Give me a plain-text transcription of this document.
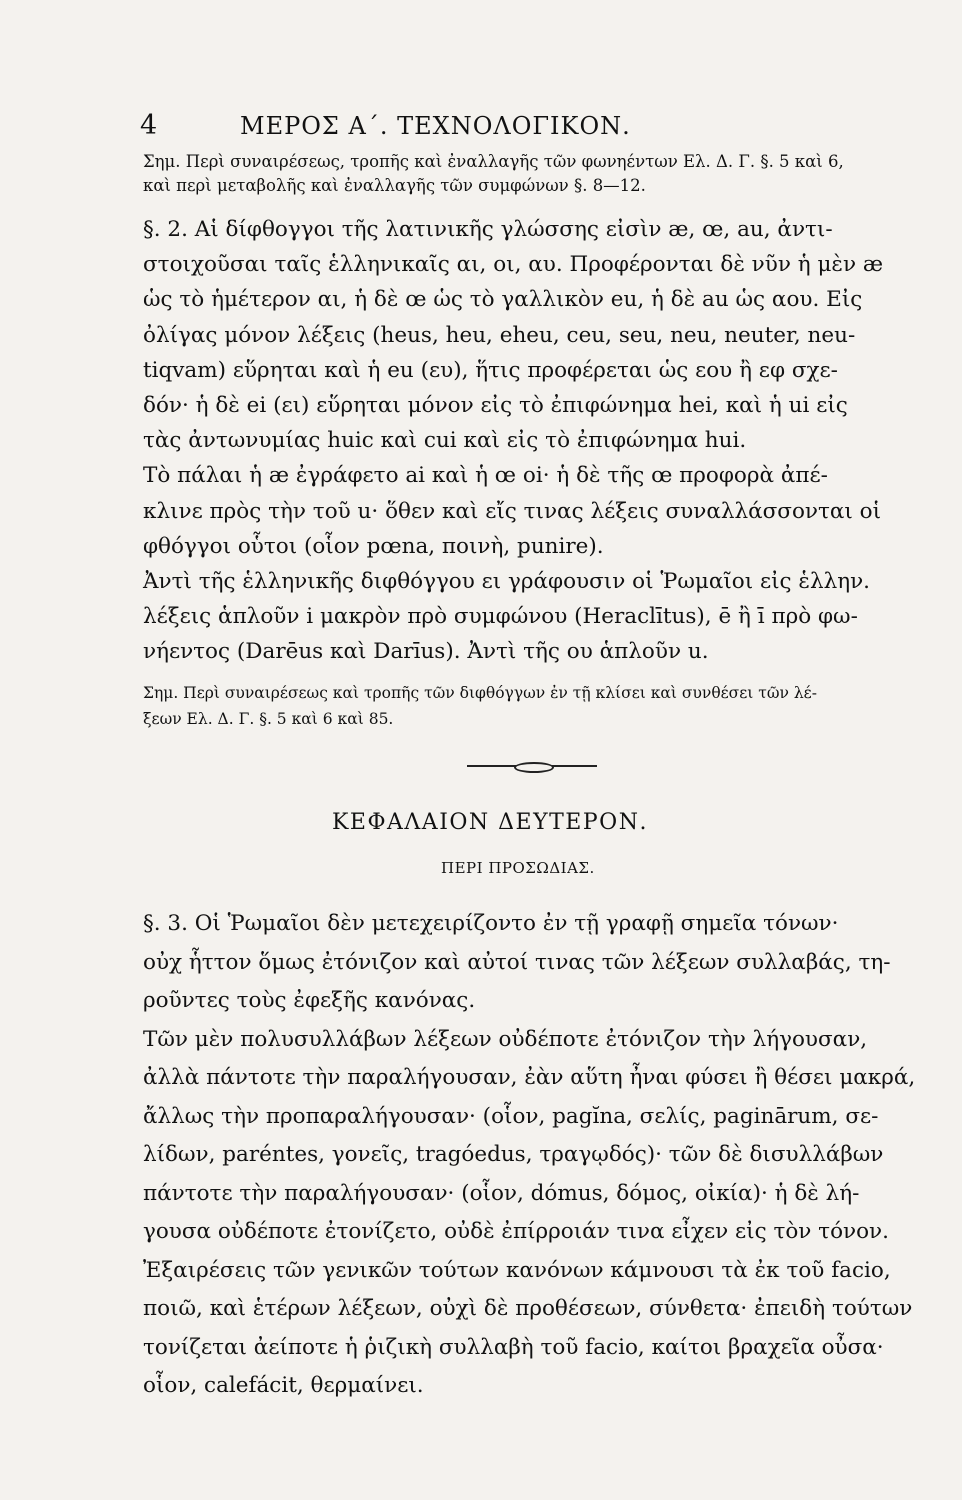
4	ΜΕΡΟΣ Α΄. ΤΕΧΝΟΛΟΓΙΚΟΝ.
Σημ. Περὶ συναιρέσεως, τροπῆς καὶ ἐναλλαγῆς τῶν φωνηέντων Ελ. Δ. Γ. §. 5 καὶ 6,
καὶ περὶ μεταβολῆς καὶ ἐναλλαγῆς τῶν συμφώνων §. 8—12.
§. 2. Αἱ δίφθογγοι τῆς λατινικῆς γλώσσης εἰσὶν æ, œ, au, ἀντι-
στοιχοῦσαι ταῖς ἑλληνικαῖς αι, οι, αυ. Προφέρονται δὲ νῦν ἡ μὲν æ
ὡς τὸ ἡμέτερον αι, ἡ δὲ œ ὡς τὸ γαλλικὸν eu, ἡ δὲ au ὡς αου. Εἰς
ὀλίγας μόνον λέξεις (heus, heu, eheu, ceu, seu, neu, neuter, neu-
tiqvam) εὕρηται καὶ ἡ eu (ευ), ἥτις προφέρεται ὡς εου ἢ εφ σχε-
δόν· ἡ δὲ ei (ει) εὕρηται μόνον εἰς τὸ ἐπιφώνημα hei, καὶ ἡ ui εἰς
τὰς ἀντωνυμίας huic καὶ cui καὶ εἰς τὸ ἐπιφώνημα hui.
Τὸ πάλαι ἡ æ ἐγράφετο ai καὶ ἡ œ oi· ἡ δὲ τῆς œ προφορὰ ἀπέ-
κλινε πρὸς τὴν τοῦ u· ὅθεν καὶ εἴς τινας λέξεις συναλλάσσονται οἱ
φθόγγοι οὗτοι (οἷον pœna, ποινὴ, punire).
Ἀντὶ τῆς ἑλληνικῆς διφθόγγου ει γράφουσιν οἱ Ῥωμαῖοι εἰς ἑλλην.
λέξεις ἁπλοῦν i μακρὸν πρὸ συμφώνου (Heraclītus), ē ἢ ī πρὸ φω-
νήεντος (Darēus καὶ Darīus). Ἀντὶ τῆς ου ἁπλοῦν u.
Σημ. Περὶ συναιρέσεως καὶ τροπῆς τῶν διφθόγγων ἐν τῇ κλίσει καὶ συνθέσει τῶν λέ-
ξεων Ελ. Δ. Γ. §. 5 καὶ 6 καὶ 85.
ΚΕΦΑΛΑΙΟΝ ΔΕΥΤΕΡΟΝ.
ΠΕΡΙ ΠΡΟΣΩΔΙΑΣ.
§. 3. Οἱ Ῥωμαῖοι δὲν μετεχειρίζοντο ἐν τῇ γραφῇ σημεῖα τόνων·
οὐχ ἧττον ὅμως ἐτόνιζον καὶ αὐτοί τινας τῶν λέξεων συλλαβάς, τη-
ροῦντες τοὺς ἐφεξῆς κανόνας.
Τῶν μὲν πολυσυλλάβων λέξεων οὐδέποτε ἐτόνιζον τὴν λήγουσαν,
ἀλλὰ πάντοτε τὴν παραλήγουσαν, ἐὰν αὕτη ἦναι φύσει ἢ θέσει μακρά,
ἄλλως τὴν προπαραλήγουσαν· (οἷον, pagĭna, σελίς, paginārum, σε-
λίδων, paréntes, γονεῖς, tragóedus, τραγῳδός)· τῶν δὲ δισυλλάβων
πάντοτε τὴν παραλήγουσαν· (οἷον, dómus, δόμος, οἰκία)· ἡ δὲ λή-
γουσα οὐδέποτε ἐτονίζετο, οὐδὲ ἐπίρροιάν τινα εἶχεν εἰς τὸν τόνον.
Ἐξαιρέσεις τῶν γενικῶν τούτων κανόνων κάμνουσι τὰ ἐκ τοῦ facio,
ποιῶ, καὶ ἑτέρων λέξεων, οὐχὶ δὲ προθέσεων, σύνθετα· ἐπειδὴ τούτων
τονίζεται ἀείποτε ἡ ῥιζικὴ συλλαβὴ τοῦ facio, καίτοι βραχεῖα οὖσα·
οἷον, calefácit, θερμαίνει.
